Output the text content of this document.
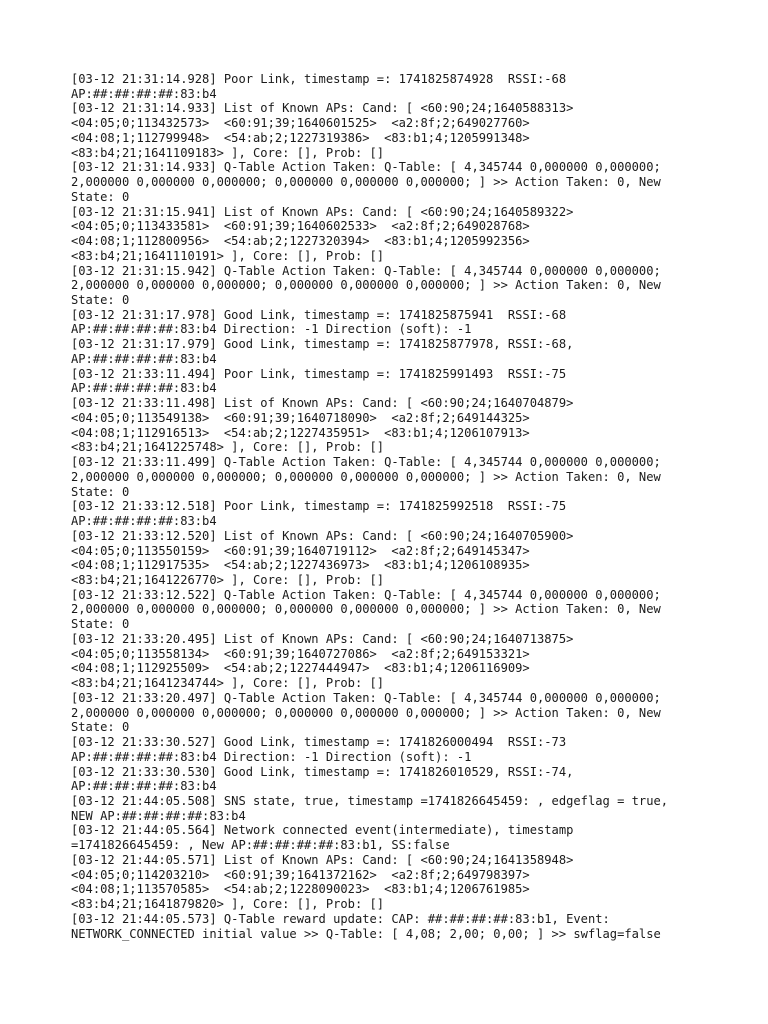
[03-12 21:31:14.928] Poor Link, timestamp =: 1741825874928  RSSI:-68
AP:##:##:##:##:83:b4
[03-12 21:31:14.933] List of Known APs: Cand: [ <60:90;24;1640588313>
<04:05;0;113432573>  <60:91;39;1640601525>  <a2:8f;2;649027760>
<04:08;1;112799948>  <54:ab;2;1227319386>  <83:b1;4;1205991348>
<83:b4;21;1641109183> ], Core: [], Prob: []
[03-12 21:31:14.933] Q-Table Action Taken: Q-Table: [ 4,345744 0,000000 0,000000;
2,000000 0,000000 0,000000; 0,000000 0,000000 0,000000; ] >> Action Taken: 0, New
State: 0
[03-12 21:31:15.941] List of Known APs: Cand: [ <60:90;24;1640589322>
<04:05;0;113433581>  <60:91;39;1640602533>  <a2:8f;2;649028768>
<04:08;1;112800956>  <54:ab;2;1227320394>  <83:b1;4;1205992356>
<83:b4;21;1641110191> ], Core: [], Prob: []
[03-12 21:31:15.942] Q-Table Action Taken: Q-Table: [ 4,345744 0,000000 0,000000;
2,000000 0,000000 0,000000; 0,000000 0,000000 0,000000; ] >> Action Taken: 0, New
State: 0
[03-12 21:31:17.978] Good Link, timestamp =: 1741825875941  RSSI:-68
AP:##:##:##:##:83:b4 Direction: -1 Direction (soft): -1
[03-12 21:31:17.979] Good Link, timestamp =: 1741825877978, RSSI:-68,
AP:##:##:##:##:83:b4
[03-12 21:33:11.494] Poor Link, timestamp =: 1741825991493  RSSI:-75
AP:##:##:##:##:83:b4
[03-12 21:33:11.498] List of Known APs: Cand: [ <60:90;24;1640704879>
<04:05;0;113549138>  <60:91;39;1640718090>  <a2:8f;2;649144325>
<04:08;1;112916513>  <54:ab;2;1227435951>  <83:b1;4;1206107913>
<83:b4;21;1641225748> ], Core: [], Prob: []
[03-12 21:33:11.499] Q-Table Action Taken: Q-Table: [ 4,345744 0,000000 0,000000;
2,000000 0,000000 0,000000; 0,000000 0,000000 0,000000; ] >> Action Taken: 0, New
State: 0
[03-12 21:33:12.518] Poor Link, timestamp =: 1741825992518  RSSI:-75
AP:##:##:##:##:83:b4
[03-12 21:33:12.520] List of Known APs: Cand: [ <60:90;24;1640705900>
<04:05;0;113550159>  <60:91;39;1640719112>  <a2:8f;2;649145347>
<04:08;1;112917535>  <54:ab;2;1227436973>  <83:b1;4;1206108935>
<83:b4;21;1641226770> ], Core: [], Prob: []
[03-12 21:33:12.522] Q-Table Action Taken: Q-Table: [ 4,345744 0,000000 0,000000;
2,000000 0,000000 0,000000; 0,000000 0,000000 0,000000; ] >> Action Taken: 0, New
State: 0
[03-12 21:33:20.495] List of Known APs: Cand: [ <60:90;24;1640713875>
<04:05;0;113558134>  <60:91;39;1640727086>  <a2:8f;2;649153321>
<04:08;1;112925509>  <54:ab;2;1227444947>  <83:b1;4;1206116909>
<83:b4;21;1641234744> ], Core: [], Prob: []
[03-12 21:33:20.497] Q-Table Action Taken: Q-Table: [ 4,345744 0,000000 0,000000;
2,000000 0,000000 0,000000; 0,000000 0,000000 0,000000; ] >> Action Taken: 0, New
State: 0
[03-12 21:33:30.527] Good Link, timestamp =: 1741826000494  RSSI:-73
AP:##:##:##:##:83:b4 Direction: -1 Direction (soft): -1
[03-12 21:33:30.530] Good Link, timestamp =: 1741826010529, RSSI:-74,
AP:##:##:##:##:83:b4
[03-12 21:44:05.508] SNS state, true, timestamp =1741826645459: , edgeflag = true,
NEW AP:##:##:##:##:83:b4
[03-12 21:44:05.564] Network connected event(intermediate), timestamp
=1741826645459: , New AP:##:##:##:##:83:b1, SS:false
[03-12 21:44:05.571] List of Known APs: Cand: [ <60:90;24;1641358948>
<04:05;0;114203210>  <60:91;39;1641372162>  <a2:8f;2;649798397>
<04:08;1;113570585>  <54:ab;2;1228090023>  <83:b1;4;1206761985>
<83:b4;21;1641879820> ], Core: [], Prob: []
[03-12 21:44:05.573] Q-Table reward update: CAP: ##:##:##:##:83:b1, Event:
NETWORK_CONNECTED initial value >> Q-Table: [ 4,08; 2,00; 0,00; ] >> swflag=false
